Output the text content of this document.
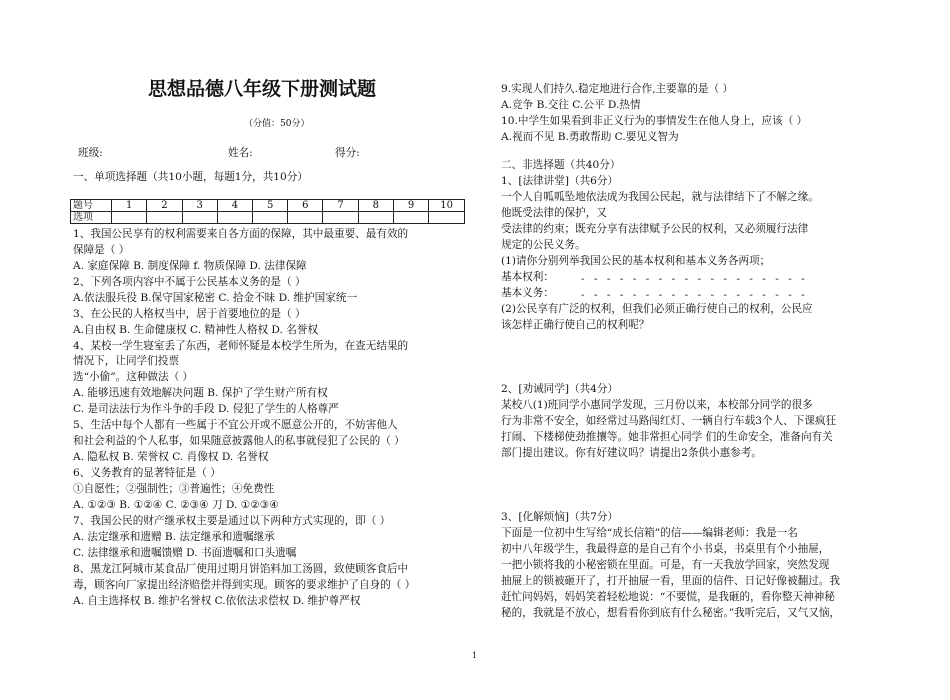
思想品德八年级下册测试题
（分值：50分）
班级:	姓名:	得分:
一、单项选择题（共10小题，每题1分，共10分）
题号	1	2	3	4	5	6	7	8	9	10
选项										
1、我国公民享有的权利需要来自各方面的保障，其中最重要、最有效的
保障是（ ）
A. 家庭保障 B. 制度保障 f. 物质保障 D. 法律保障
2、下列各项内容中不属于公民基本义务的是（ ）
A.依法服兵役 B.保守国家秘密 C. 拾金不昧 D. 维护国家统一
3、在公民的人格权当中，居于首要地位的是（ ）
A.自由权 B. 生命健康权 C. 精神性人格权 D. 名誉权
4、某校一学生寝室丢了东西，老师怀疑是本校学生所为，在查无结果的
情况下，让同学们投票
选“小偷”。这种做法（ ）
A. 能够迅速有效地解决问题 B. 保护了学生财产所有权
C. 是司法法行为作斗争的手段 D. 侵犯了学生的人格尊严
5、生活中每个人都有一些属于不宜公开或不愿意公开的，不妨害他人
和社会利益的个人私事，如果随意披露他人的私事就侵犯了公民的（ ）
A. 隐私权 B. 荣誉权 C. 肖像权 D. 名誉权
6、义务教育的显著特征是（ ）
①自愿性；②强制性；③普遍性；④免费性
A. ①②③ B. ①②④ C. ②③④ 刀 D. ①②③④
7、我国公民的财产继承权主要是通过以下两种方式实现的，即（ ）
A. 法定继承和遗赠 B. 法定继承和遗嘱继承
C. 法律继承和遗嘱馈赠 D. 书面遗嘱和口头遗嘱
8、黑龙江阿城市某食品厂使用过期月饼馅料加工汤圆，致使顾客食后中
毒，顾客向厂家提出经济赔偿并得到实现。顾客的要求维护了自身的（ ）
A. 自主选择权 B. 维护名誉权 C.依依法求偿权 D. 维护尊严权
9.实现人们持久.稳定地进行合作,主要靠的是（ ）
A.竞争 B.交往 C.公平 D.热情
10.中学生如果看到非正义行为的事情发生在他人身上，应该（ ）
A.视而不见 B.勇敢帮助 C.要见义智为
二、非选择题（共40分）
1、[法律讲堂]（共6分）
一个人自呱呱坠地依法成为我国公民起，就与法律结下了不解之缘。
他既受法律的保护，又
受法律的约束；既充分享有法律赋予公民的权利，又必须履行法律
规定的公民义务。
(1)请你分别列举我国公民的基本权利和基本义务各两项；
基本权利：	- - - - - - - - - - - - - - - - - -
基本义务：	- - - - - - - - - - - - - - - - - -
(2)公民享有广泛的权利，但我们必须正确行使自己的权利，公民应
该怎样正确行使自己的权利呢？
2、[劝诫同学]（共4分）
某校八(1)班同学小惠同学发现，三月份以来，本校部分同学的很多
行为非常不安全，如经常过马路闯红灯、一辆自行车载3个人、下课疯狂
打闹、下楼梯使劲推攘等。她非常担心同学 们的生命安全，准备向有关
部门提出建议。你有好建议吗？请提出2条供小惠参考。
3、[化解烦恼]（共7分）
下面是一位初中生写给“成长信箱”的信——编辑老师：我是一名
初中八年级学生，我最得意的是自己有个小书桌，书桌里有个小抽屉，
一把小锁将我的小秘密锁在里面。可是，有一天我放学回家，突然发现
抽屉上的锁被砸开了，打开抽屉一看，里面的信件、日记好像被翻过。我
赶忙问妈妈，妈妈笑着轻松地说：“不要慌，是我砸的，看你整天神神秘
秘的，我就是不放心，想看看你到底有什么秘密。”我听完后，又气又恼，
1
